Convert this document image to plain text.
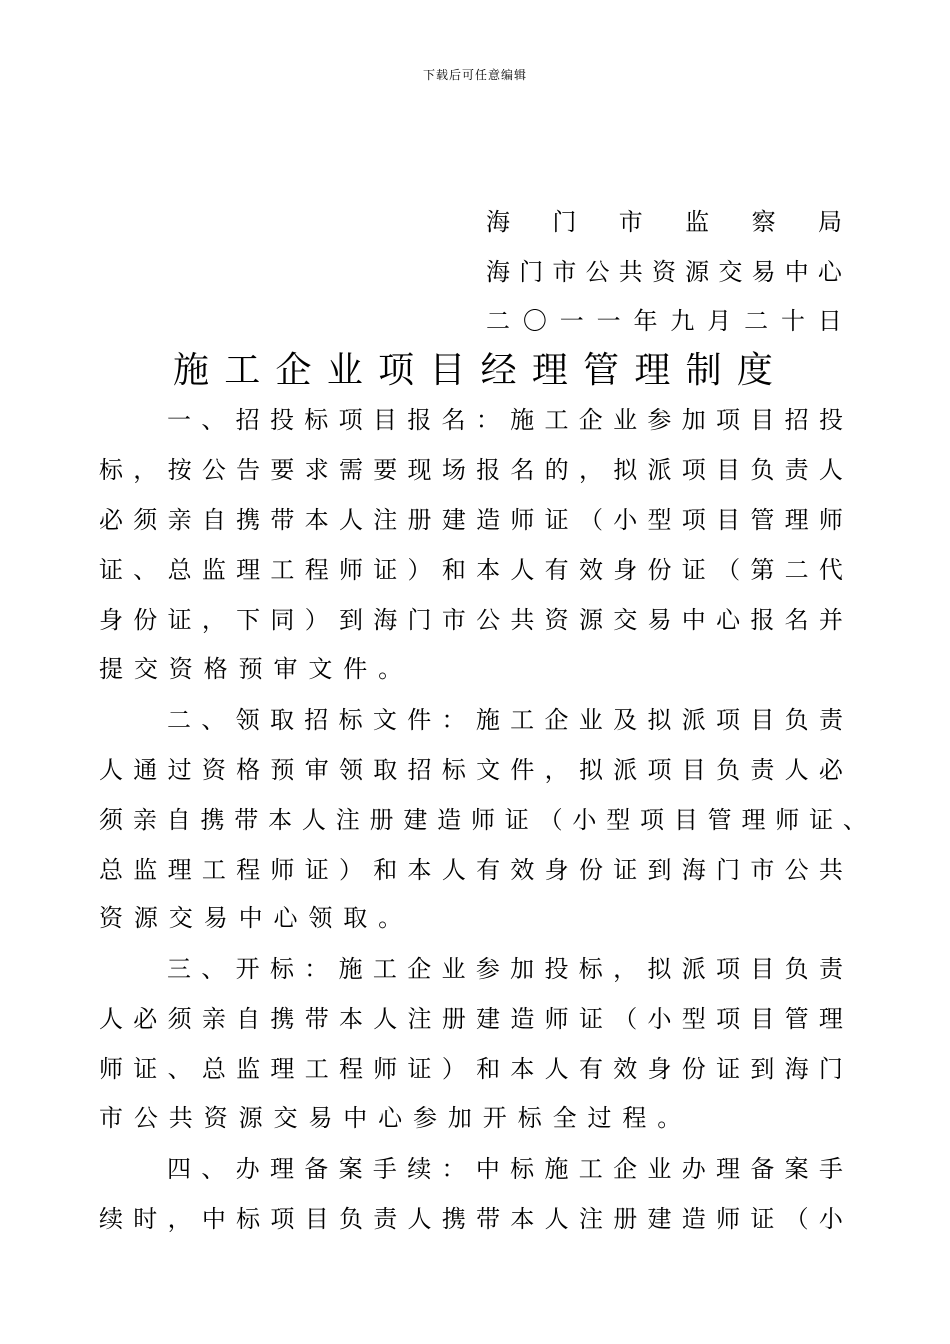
下载后可任意编辑
海 门 市 监 察 局
海 门 市 公 共 资 源 交 易 中 心
二 〇 一 一 年 九 月 二 十 日
施 工 企 业 项 目 经 理 管 理 制 度
一 、 招 投 标 项 目 报 名 ： 施 工 企 业 参 加 项 目 招 投
标 ， 按 公 告 要 求 需 要 现 场 报 名 的 ， 拟 派 项 目 负 责 人
必 须 亲 自 携 带 本 人 注 册 建 造 师 证 （ 小 型 项 目 管 理 师
证 、 总 监 理 工 程 师 证 ） 和 本 人 有 效 身 份 证 （ 第 二 代
身 份 证 ， 下 同 ） 到 海 门 市 公 共 资 源 交 易 中 心 报 名 并
提 交 资 格 预 审 文 件 。
二 、 领 取 招 标 文 件 ： 施 工 企 业 及 拟 派 项 目 负 责
人 通 过 资 格 预 审 领 取 招 标 文 件 ， 拟 派 项 目 负 责 人 必
须 亲 自 携 带 本 人 注 册 建 造 师 证 （ 小 型 项 目 管 理 师 证 、
总 监 理 工 程 师 证 ） 和 本 人 有 效 身 份 证 到 海 门 市 公 共
资 源 交 易 中 心 领 取 。
三 、 开 标 ： 施 工 企 业 参 加 投 标 ， 拟 派 项 目 负 责
人 必 须 亲 自 携 带 本 人 注 册 建 造 师 证 （ 小 型 项 目 管 理
师 证 、 总 监 理 工 程 师 证 ） 和 本 人 有 效 身 份 证 到 海 门
市 公 共 资 源 交 易 中 心 参 加 开 标 全 过 程 。
四 、 办 理 备 案 手 续 ： 中 标 施 工 企 业 办 理 备 案 手
续 时 ， 中 标 项 目 负 责 人 携 带 本 人 注 册 建 造 师 证 （ 小
